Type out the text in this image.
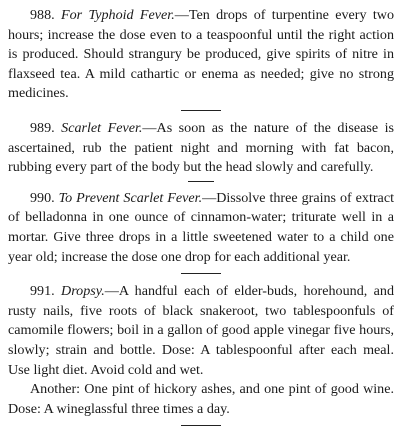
988. For Typhoid Fever.—Ten drops of turpentine every two hours; increase the dose even to a teaspoonful until the right action is produced. Should strangury be produced, give spirits of nitre in flaxseed tea. A mild cathartic or enema as needed; give no strong medicines.

989. Scarlet Fever.—As soon as the nature of the disease is ascertained, rub the patient night and morning with fat bacon, rubbing every part of the body but the head slowly and carefully.

990. To Prevent Scarlet Fever.—Dissolve three grains of extract of belladonna in one ounce of cinnamon-water; triturate well in a mortar. Give three drops in a little sweetened water to a child one year old; increase the dose one drop for each additional year.

991. Dropsy.—A handful each of elder-buds, horehound, and rusty nails, five roots of black snakeroot, two tablespoonfuls of camomile flowers; boil in a gallon of good apple vinegar five hours, slowly; strain and bottle. Dose: A tablespoonful after each meal. Use light diet. Avoid cold and wet.

Another: One pint of hickory ashes, and one pint of good wine. Dose: A wineglassful three times a day.
